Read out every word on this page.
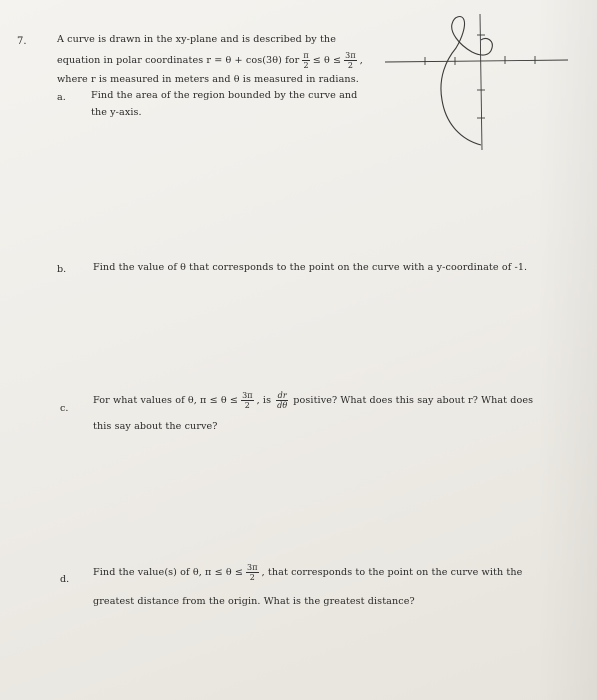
7.	A curve is drawn in the xy-plane and is described by the
equation in polar coordinates r = θ + cos(3θ) for $\frac{\pi}{2} \le \theta \le \frac{3\pi}{2}$ ,
where r is measured in meters and θ is measured in radians.
a.	Find the area of the region bounded by the curve and
the y-axis.
b.	Find the value of θ that corresponds to the point on the curve with a y-coordinate of -1.
c.
For what values of θ, $\pi \le \theta \le \frac{3\pi}{2}$ , is $\frac{dr}{d\theta}$ positive? What does this say about r? What does
this say about the curve?
d.
Find the value(s) of θ, $\pi \le \theta \le \frac{3\pi}{2}$ , that corresponds to the point on the curve with the
greatest distance from the origin. What is the greatest distance?
